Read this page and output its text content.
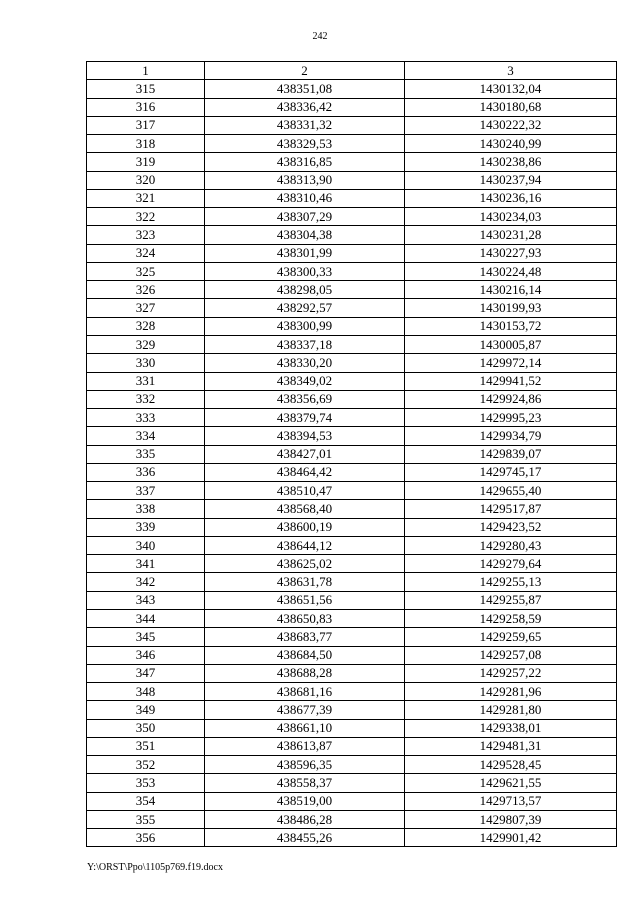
242
1	2	3
315	438351,08	1430132,04
316	438336,42	1430180,68
317	438331,32	1430222,32
318	438329,53	1430240,99
319	438316,85	1430238,86
320	438313,90	1430237,94
321	438310,46	1430236,16
322	438307,29	1430234,03
323	438304,38	1430231,28
324	438301,99	1430227,93
325	438300,33	1430224,48
326	438298,05	1430216,14
327	438292,57	1430199,93
328	438300,99	1430153,72
329	438337,18	1430005,87
330	438330,20	1429972,14
331	438349,02	1429941,52
332	438356,69	1429924,86
333	438379,74	1429995,23
334	438394,53	1429934,79
335	438427,01	1429839,07
336	438464,42	1429745,17
337	438510,47	1429655,40
338	438568,40	1429517,87
339	438600,19	1429423,52
340	438644,12	1429280,43
341	438625,02	1429279,64
342	438631,78	1429255,13
343	438651,56	1429255,87
344	438650,83	1429258,59
345	438683,77	1429259,65
346	438684,50	1429257,08
347	438688,28	1429257,22
348	438681,16	1429281,96
349	438677,39	1429281,80
350	438661,10	1429338,01
351	438613,87	1429481,31
352	438596,35	1429528,45
353	438558,37	1429621,55
354	438519,00	1429713,57
355	438486,28	1429807,39
356	438455,26	1429901,42
Y:\ORST\Ppo\1105p769.f19.docx
